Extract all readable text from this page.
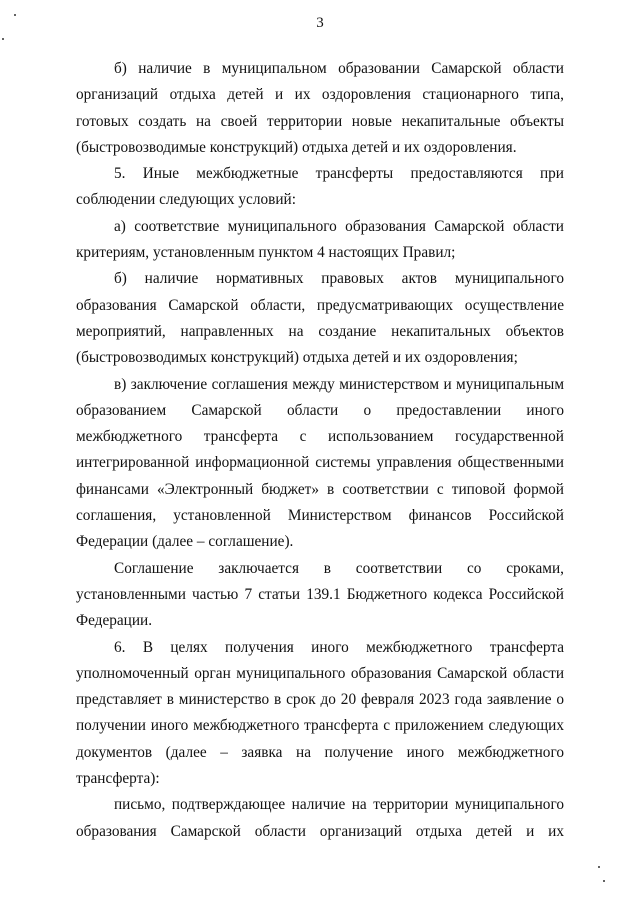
3

б) наличие в муниципальном образовании Самарской области организаций отдыха детей и их оздоровления стационарного типа, готовых создать на своей территории новые некапитальные объекты (быстровозводимые конструкций) отдыха детей и их оздоровления.

5. Иные межбюджетные трансферты предоставляются при соблюдении следующих условий:

а) соответствие муниципального образования Самарской области критериям, установленным пунктом 4 настоящих Правил;

б) наличие нормативных правовых актов муниципального образования Самарской области, предусматривающих осуществление мероприятий, направленных на создание некапитальных объектов (быстровозводимых конструкций) отдыха детей и их оздоровления;

в) заключение соглашения между министерством и муниципальным образованием Самарской области о предоставлении иного межбюджетного трансферта с использованием государственной интегрированной информационной системы управления общественными финансами «Электронный бюджет» в соответствии с типовой формой соглашения, установленной Министерством финансов Российской Федерации (далее – соглашение).

Соглашение заключается в соответствии со сроками, установленными частью 7 статьи 139.1 Бюджетного кодекса Российской Федерации.

6. В целях получения иного межбюджетного трансферта уполномоченный орган муниципального образования Самарской области представляет в министерство в срок до 20 февраля 2023 года заявление о получении иного межбюджетного трансферта с приложением следующих документов (далее – заявка на получение иного межбюджетного трансферта):

письмо, подтверждающее наличие на территории муниципального образования Самарской области организаций отдыха детей и их
